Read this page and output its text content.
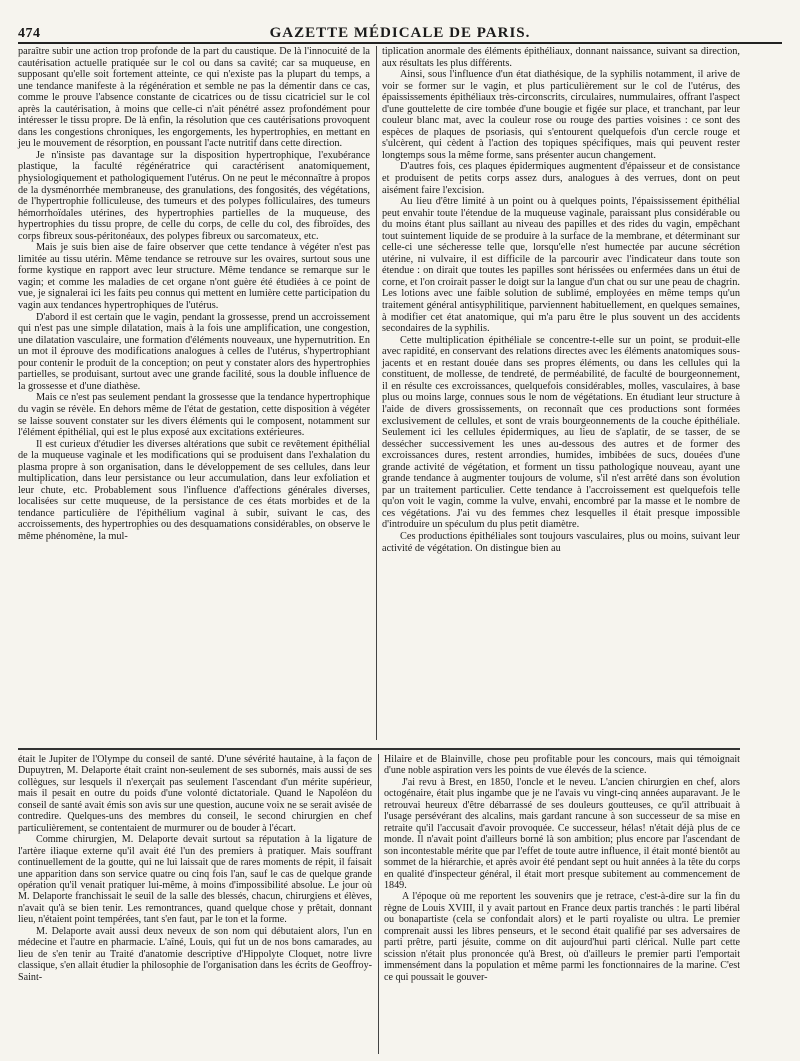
474	GAZETTE MÉDICALE DE PARIS.

paraître subir une action trop profonde de la part du caustique. De là l'innocuité de la cautérisation actuelle pratiquée sur le col ou dans sa cavité; car sa muqueuse, en supposant qu'elle soit fortement atteinte, ce qui n'existe pas la plupart du temps, a une tendance manifeste à la régénération et semble ne pas la démentir dans ce cas, comme le prouve l'absence constante de cicatrices ou de tissu cicatriciel sur le col après la cautérisation, à moins que celle-ci n'ait pénétré assez profondément pour intéresser le tissu propre. De là enfin, la résolution que ces cautérisations provoquent dans les congestions chroniques, les engorgements, les hypertrophies, en mettant en jeu le mouvement de résorption, en poussant l'acte nutritif dans cette direction.

Je n'insiste pas davantage sur la disposition hypertrophique, l'exubérance plastique, la faculté régénératrice qui caractérisent anatomiquement, physiologiquement et pathologiquement l'utérus. On ne peut le méconnaître à propos de la dysménorrhée membraneuse, des granulations, des fongosités, des végétations, de l'hypertrophie folliculeuse, des tumeurs et des polypes folliculaires, des tumeurs hémorrhoïdales utérines, des hypertrophies partielles de la muqueuse, des hypertrophies du tissu propre, de celle du corps, de celle du col, des fibroïdes, des corps fibreux sous-péritonéaux, des polypes fibreux ou sarcomateux, etc.

Mais je suis bien aise de faire observer que cette tendance à végéter n'est pas limitée au tissu utérin. Même tendance se retrouve sur les ovaires, surtout sous une forme kystique en rapport avec leur structure. Même tendance se remarque sur le vagin; et comme les maladies de cet organe n'ont guère été étudiées à ce point de vue, je signalerai ici les faits peu connus qui mettent en lumière cette participation du vagin aux tendances hypertrophiques de l'utérus.

D'abord il est certain que le vagin, pendant la grossesse, prend un accroissement qui n'est pas une simple dilatation, mais à la fois une amplification, une congestion, une dilatation vasculaire, une formation d'éléments nouveaux, une hypernutrition. En un mot il éprouve des modifications analogues à celles de l'utérus, s'hypertrophiant pour contenir le produit de la conception; on peut y constater alors des hypertrophies partielles, se produisant, surtout avec une grande facilité, sous la double influence de la grossesse et d'une diathèse.

Mais ce n'est pas seulement pendant la grossesse que la tendance hypertrophique du vagin se révèle. En dehors même de l'état de gestation, cette disposition à végéter se laisse souvent constater sur les divers éléments qui le composent, notamment sur l'élément épithélial, qui est le plus exposé aux excitations extérieures.

Il est curieux d'étudier les diverses altérations que subit ce revêtement épithélial de la muqueuse vaginale et les modifications qui se produisent dans l'exhalation du plasma propre à son organisation, dans le développement de ses cellules, dans leur multiplication, dans leur persistance ou leur accumulation, dans leur exfoliation et leur chute, etc. Probablement sous l'influence d'affections générales diverses, localisées sur cette muqueuse, de la persistance de ces états morbides et de la tendance particulière de l'épithélium vaginal à subir, suivant le cas, des accroissements, des hypertrophies ou des desquamations considérables, on observe le même phénomène, la mul-

tiplication anormale des éléments épithéliaux, donnant naissance, suivant sa direction, aux résultats les plus différents.

Ainsi, sous l'influence d'un état diathésique, de la syphilis notamment, il arive de voir se former sur le vagin, et plus particulièrement sur le col de l'utérus, des épaississements épithéliaux très-circonscrits, circulaires, nummulaires, offrant l'aspect d'une gouttelette de cire tombée d'une bougie et figée sur place, et tranchant, par leur couleur blanc mat, avec la couleur rose ou rouge des parties voisines : ce sont des espèces de plaques de psoriasis, qui s'entourent quelquefois d'un cercle rouge et s'ulcèrent, qui cèdent à l'action des topiques spécifiques, mais qui peuvent rester longtemps sous la même forme, sans présenter aucun changement.

D'autres fois, ces plaques épidermiques augmentent d'épaisseur et de consistance et produisent de petits corps assez durs, analogues à des verrues, dont on peut aisément faire l'excision.

Au lieu d'être limité à un point ou à quelques points, l'épaississement épithélial peut envahir toute l'étendue de la muqueuse vaginale, paraissant plus considérable ou du moins étant plus saillant au niveau des papilles et des rides du vagin, empêchant tout suintement liquide de se produire à la surface de la membrane, et déterminant sur celle-ci une sécheresse telle que, lorsqu'elle n'est humectée par aucune sécrétion utérine, ni vulvaire, il est difficile de la parcourir avec l'indicateur dans toute son étendue : on dirait que toutes les papilles sont hérissées ou enfermées dans un étui de corne, et l'on croirait passer le doigt sur la langue d'un chat ou sur une peau de chagrin. Les lotions avec une faible solution de sublimé, employées en même temps qu'un traitement général antisyphilitique, parviennent habituellement, en quelques semaines, à modifier cet état anatomique, qui m'a paru être le plus souvent un des accidents secondaires de la syphilis.

Cette multiplication épithéliale se concentre-t-elle sur un point, se produit-elle avec rapidité, en conservant des relations directes avec les éléments anatomiques sous-jacents et en restant douée dans ses propres éléments, ou dans les cellules qui la constituent, de mollesse, de tendreté, de perméabilité, de faculté de bourgeonnement, il en résulte ces excroissances, quelquefois considérables, molles, vasculaires, à base plus ou moins large, connues sous le nom de végétations. En étudiant leur structure à l'aide de divers grossissements, on reconnaît que ces productions sont formées exclusivement de cellules, et sont de vrais bourgeonnements de la couche épithéliale. Seulement ici les cellules épidermiques, au lieu de s'aplatir, de se tasser, de se dessécher successivement les unes au-dessous des autres et de former des excroissances dures, restent arrondies, humides, imbibées de sucs, douées d'une grande activité de végétation, et forment un tissu pathologique nouveau, ayant une grande tendance à augmenter toujours de volume, s'il n'est arrêté dans son évolution par un traitement particulier. Cette tendance à l'accroissement est quelquefois telle qu'on voit le vagin, comme la vulve, envahi, encombré par la masse et le nombre de ces végétations. J'ai vu des femmes chez lesquelles il était presque impossible d'introduire un spéculum du plus petit diamètre.

Ces productions épithéliales sont toujours vasculaires, plus ou moins, suivant leur activité de végétation. On distingue bien au

était le Jupiter de l'Olympe du conseil de santé. D'une sévérité hautaine, à la façon de Dupuytren, M. Delaporte était craint non-seulement de ses subornés, mais aussi de ses collègues, sur lesquels il n'exerçait pas seulement l'ascendant d'un mérite supérieur, mais il pesait en outre du poids d'une volonté dictatoriale. Quand le Napoléon du conseil de santé avait émis son avis sur une question, aucune voix ne se serait avisée de contredire. Quelques-uns des membres du conseil, le second chirurgien en chef particulièrement, se contentaient de murmurer ou de bouder à l'écart.

Comme chirurgien, M. Delaporte devait surtout sa réputation à la ligature de l'artère iliaque externe qu'il avait été l'un des premiers à pratiquer. Mais souffrant continuellement de la goutte, qui ne lui laissait que de rares moments de répit, il faisait une apparition dans son service quatre ou cinq fois l'an, sauf le cas de quelque grande opération qu'il venait pratiquer lui-même, à moins d'impossibilité absolue. Le jour où M. Delaporte franchissait le seuil de la salle des blessés, chacun, chirurgiens et élèves, n'avait qu'à se bien tenir. Les remontrances, quand quelque chose y prêtait, donnant lieu, n'étaient point tempérées, tant s'en faut, par le ton et la forme.

M. Delaporte avait aussi deux neveux de son nom qui débutaient alors, l'un en médecine et l'autre en pharmacie. L'aîné, Louis, qui fut un de nos bons camarades, au lieu de s'en tenir au Traité d'anatomie descriptive d'Hippolyte Cloquet, notre livre classique, s'en allait étudier la philosophie de l'organisation dans les écrits de Geoffroy-Saint-

Hilaire et de Blainville, chose peu profitable pour les concours, mais qui témoignait d'une noble aspiration vers les points de vue élevés de la science.

J'ai revu à Brest, en 1850, l'oncle et le neveu. L'ancien chirurgien en chef, alors octogénaire, était plus ingambe que je ne l'avais vu vingt-cinq années auparavant. Je le retrouvai heureux d'être débarrassé de ses douleurs goutteuses, ce qu'il attribuait à l'usage persévérant des alcalins, mais gardant rancune à son successeur de sa mise en retraite qu'il l'accusait d'avoir provoquée. Ce successeur, hélas! n'était déjà plus de ce monde. Il n'avait point d'ailleurs borné là son ambition; plus encore par l'ascendant de son incontestable mérite que par l'effet de toute autre influence, il était monté bientôt au sommet de la hiérarchie, et après avoir été pendant sept ou huit années à la tête du corps en qualité d'inspecteur général, il était mort presque subitement au commencement de 1849.

A l'époque où me reportent les souvenirs que je retrace, c'est-à-dire sur la fin du règne de Louis XVIII, il y avait partout en France deux partis tranchés : le parti libéral ou bonapartiste (cela se confondait alors) et le parti royaliste ou ultra. Le premier comprenait aussi les libres penseurs, et le second était qualifié par ses adversaires de parti prêtre, parti jésuite, comme on dit aujourd'hui parti clérical. Nulle part cette scission n'était plus prononcée qu'à Brest, où d'ailleurs le premier parti l'emportait immensément dans la population et même parmi les fonctionnaires de la marine. C'est ce qui poussait le gouver-
